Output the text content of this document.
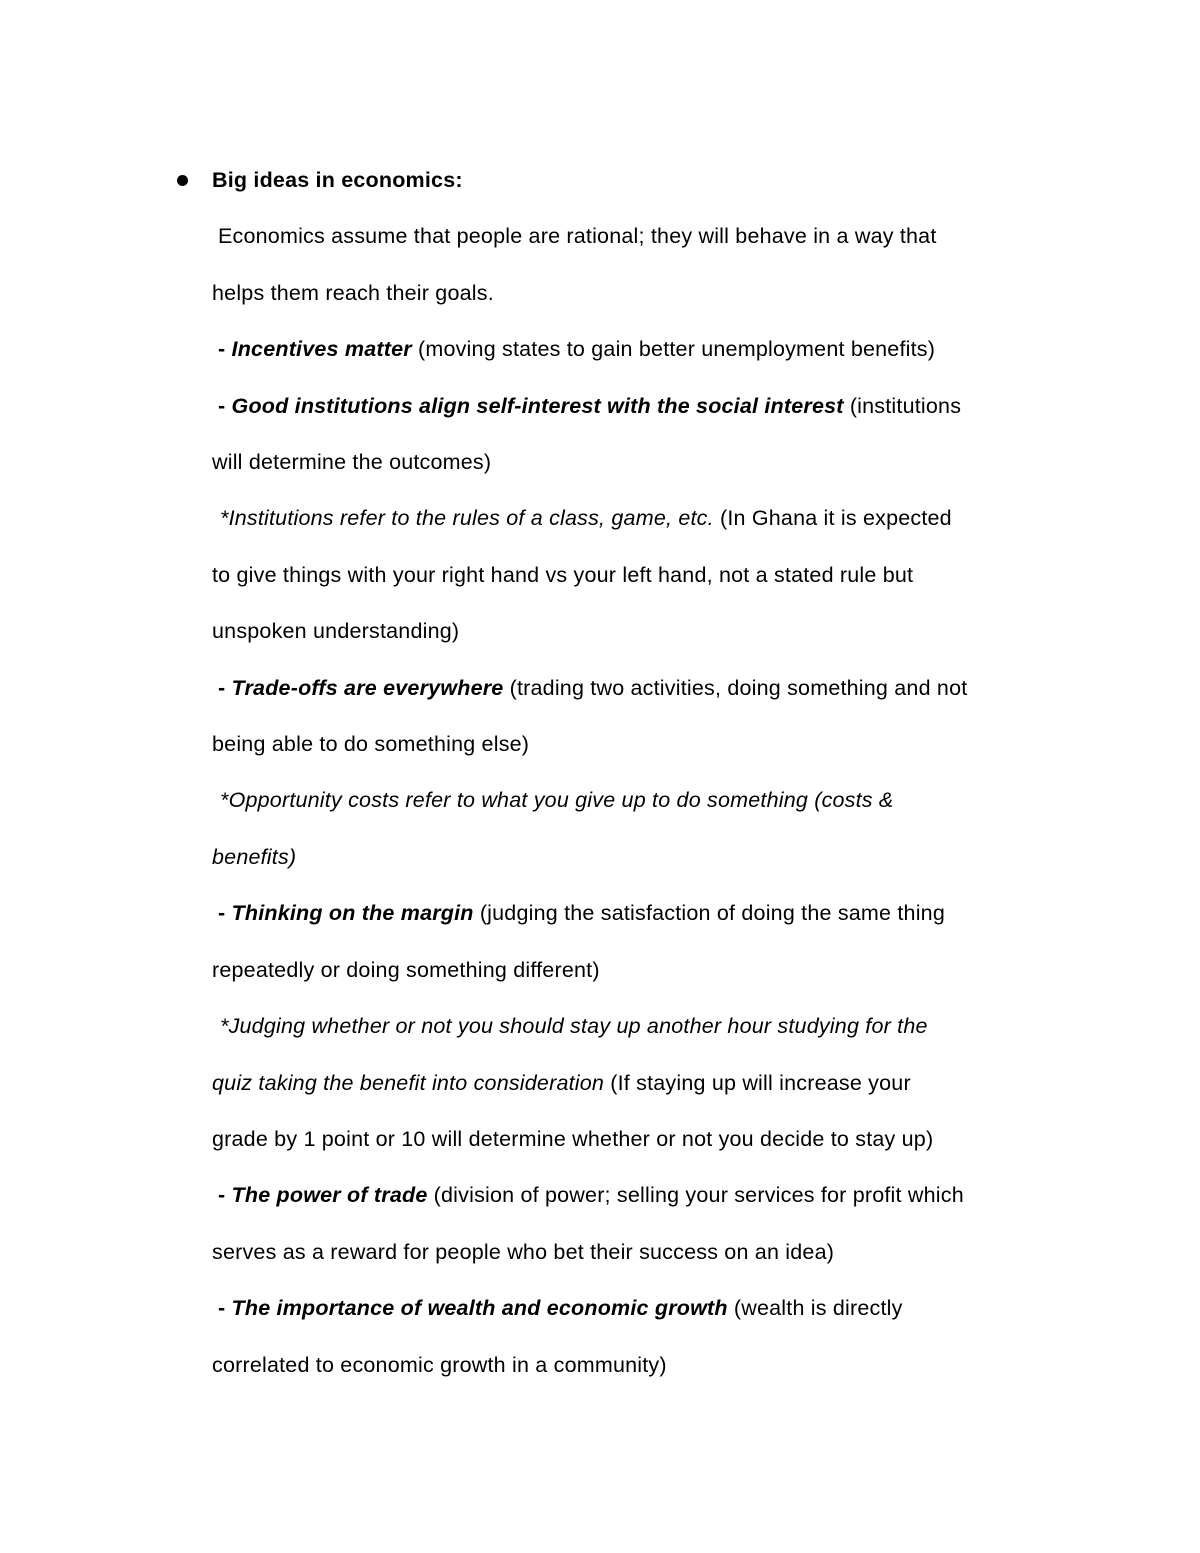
Big ideas in economics:

Economics assume that people are rational; they will behave in a way that

helps them reach their goals.

- Incentives matter (moving states to gain better unemployment benefits)

- Good institutions align self-interest with the social interest (institutions

will determine the outcomes)

*Institutions refer to the rules of a class, game, etc. (In Ghana it is expected

to give things with your right hand vs your left hand, not a stated rule but

unspoken understanding)

- Trade-offs are everywhere (trading two activities, doing something and not

being able to do something else)

*Opportunity costs refer to what you give up to do something (costs &

benefits)

- Thinking on the margin (judging the satisfaction of doing the same thing

repeatedly or doing something different)

*Judging whether or not you should stay up another hour studying for the

quiz taking the benefit into consideration (If staying up will increase your

grade by 1 point or 10 will determine whether or not you decide to stay up)

- The power of trade (division of power; selling your services for profit which

serves as a reward for people who bet their success on an idea)

- The importance of wealth and economic growth (wealth is directly

correlated to economic growth in a community)
